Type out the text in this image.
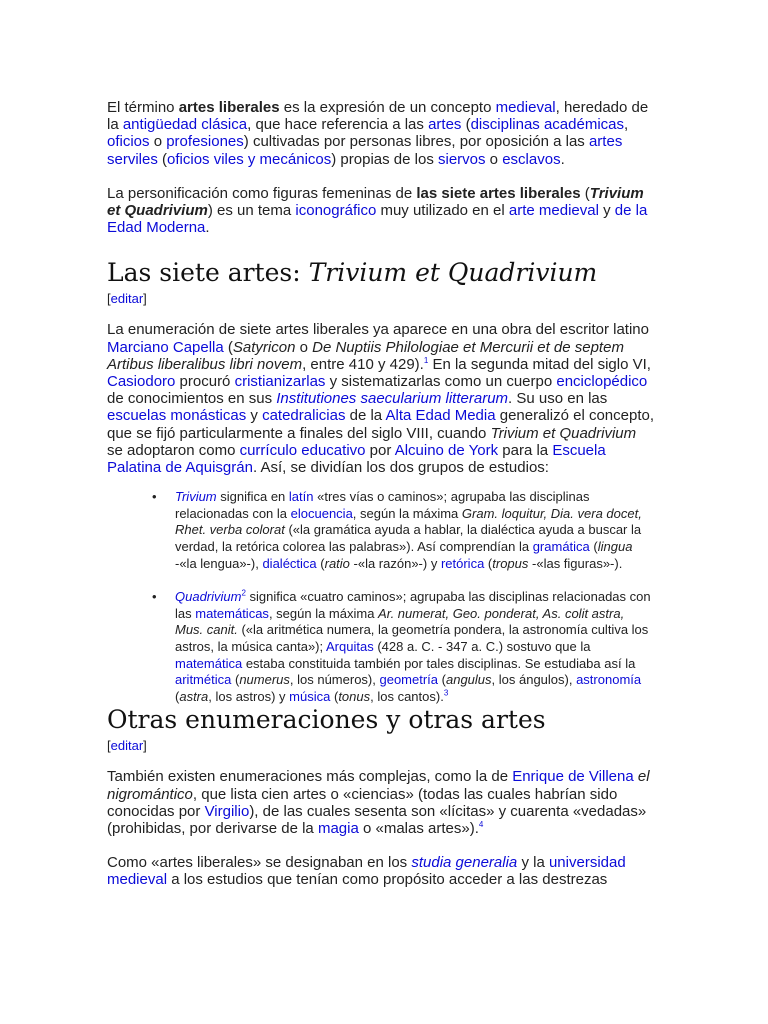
El término artes liberales es la expresión de un concepto medieval, heredado de la antigüedad clásica, que hace referencia a las artes (disciplinas académicas, oficios o profesiones) cultivadas por personas libres, por oposición a las artes serviles (oficios viles y mecánicos) propias de los siervos o esclavos.

La personificación como figuras femeninas de las siete artes liberales (Trivium et Quadrivium) es un tema iconográfico muy utilizado en el arte medieval y de la Edad Moderna.

Las siete artes: Trivium et Quadrivium
[editar]

La enumeración de siete artes liberales ya aparece en una obra del escritor latino Marciano Capella (Satyricon o De Nuptiis Philologiae et Mercurii et de septem Artibus liberalibus libri novem, entre 410 y 429).$^1$ En la segunda mitad del siglo VI, Casiodoro procuró cristianizarlas y sistematizarlas como un cuerpo enciclopédico de conocimientos en sus Institutiones saecularium litterarum. Su uso en las escuelas monásticas y catedralicias de la Alta Edad Media generalizó el concepto, que se fijó particularmente a finales del siglo VIII, cuando Trivium et Quadrivium se adoptaron como currículo educativo por Alcuino de York para la Escuela Palatina de Aquisgrán. Así, se dividían los dos grupos de estudios:

• Trivium significa en latín «tres vías o caminos»; agrupaba las disciplinas relacionadas con la elocuencia, según la máxima Gram. loquitur, Dia. vera docet, Rhet. verba colorat («la gramática ayuda a hablar, la dialéctica ayuda a buscar la verdad, la retórica colorea las palabras»). Así comprendían la gramática (lingua -«la lengua»-), dialéctica (ratio -«la razón»-) y retórica (tropus -«las figuras»-).
• Quadrivium$^2$ significa «cuatro caminos»; agrupaba las disciplinas relacionadas con las matemáticas, según la máxima Ar. numerat, Geo. ponderat, As. colit astra, Mus. canit. («la aritmética numera, la geometría pondera, la astronomía cultiva los astros, la música canta»); Arquitas (428 a. C. - 347 a. C.) sostuvo que la matemática estaba constituida también por tales disciplinas. Se estudiaba así la aritmética (numerus, los números), geometría (angulus, los ángulos), astronomía (astra, los astros) y música (tonus, los cantos).$^3$
Otras enumeraciones y otras artes
[editar]

También existen enumeraciones más complejas, como la de Enrique de Villena el nigromántico, que lista cien artes o «ciencias» (todas las cuales habrían sido conocidas por Virgilio), de las cuales sesenta son «lícitas» y cuarenta «vedadas» (prohibidas, por derivarse de la magia o «malas artes»).$^4$

Como «artes liberales» se designaban en los studia generalia y la universidad medieval a los estudios que tenían como propósito acceder a las destrezas
